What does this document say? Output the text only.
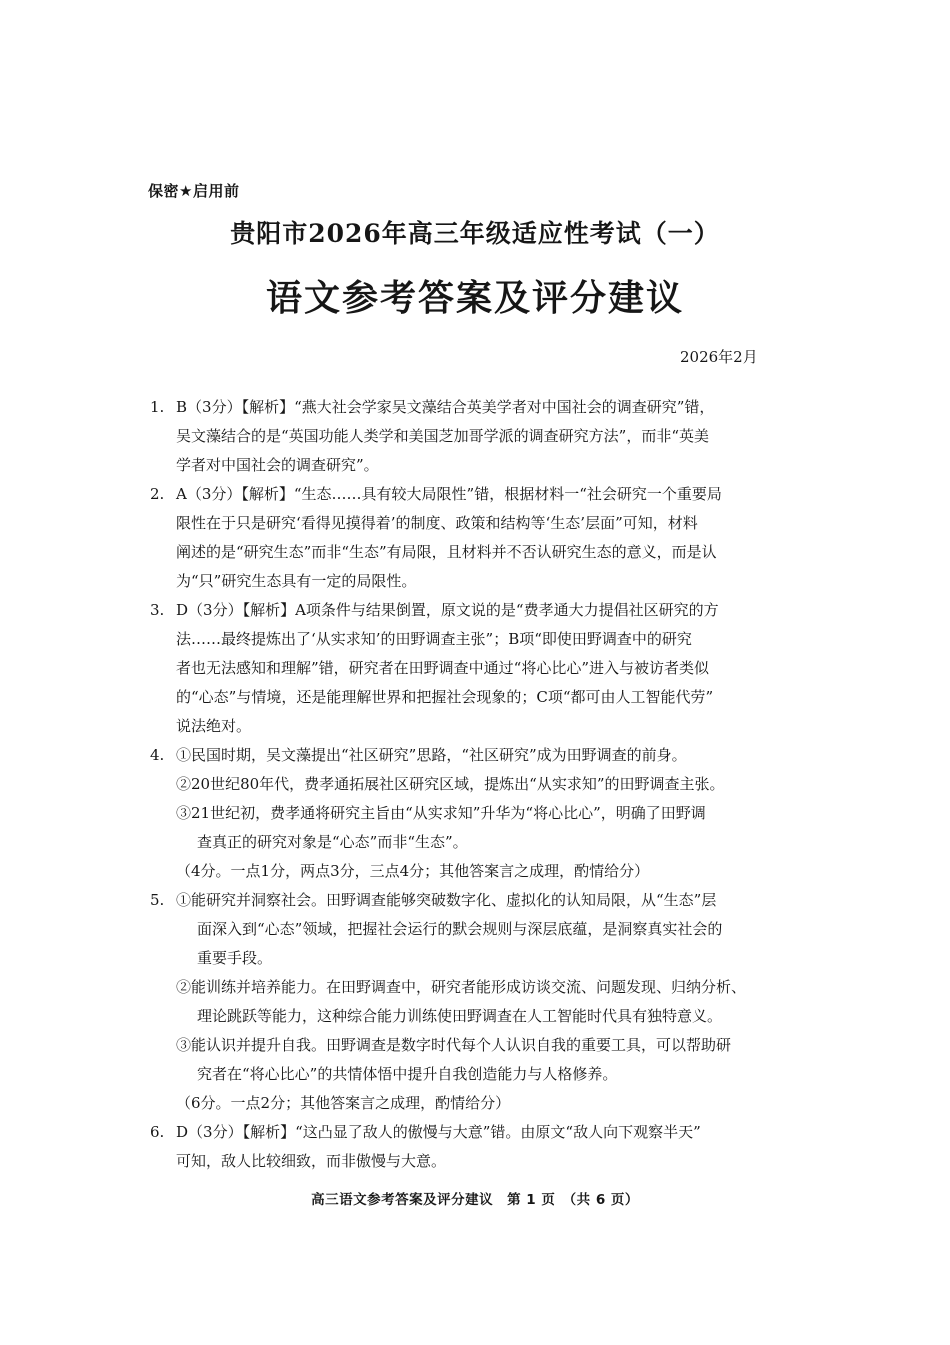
保密★启用前
贵阳市2026年高三年级适应性考试（一）
语文参考答案及评分建议
2026年2月
1. B（3分）【解析】“燕大社会学家吴文藻结合英美学者对中国社会的调查研究”错，
吴文藻结合的是“英国功能人类学和美国芝加哥学派的调查研究方法”，而非“英美
学者对中国社会的调查研究”。
2. A（3分）【解析】“生态……具有较大局限性”错，根据材料一“社会研究一个重要局
限性在于只是研究‘看得见摸得着’的制度、政策和结构等‘生态’层面”可知，材料
阐述的是“研究生态”而非“生态”有局限，且材料并不否认研究生态的意义，而是认
为“只”研究生态具有一定的局限性。
3. D（3分）【解析】A项条件与结果倒置，原文说的是“费孝通大力提倡社区研究的方
法……最终提炼出了‘从实求知’的田野调查主张”；B项“即使田野调查中的研究
者也无法感知和理解”错，研究者在田野调查中通过“将心比心”进入与被访者类似
的“心态”与情境，还是能理解世界和把握社会现象的；C项“都可由人工智能代劳”
说法绝对。
4. ①民国时期，吴文藻提出“社区研究”思路，“社区研究”成为田野调查的前身。
②20世纪80年代，费孝通拓展社区研究区域，提炼出“从实求知”的田野调查主张。
③21世纪初，费孝通将研究主旨由“从实求知”升华为“将心比心”，明确了田野调
查真正的研究对象是“心态”而非“生态”。
（4分。一点1分，两点3分，三点4分；其他答案言之成理，酌情给分）
5. ①能研究并洞察社会。田野调查能够突破数字化、虚拟化的认知局限，从“生态”层
面深入到“心态”领域，把握社会运行的默会规则与深层底蕴，是洞察真实社会的
重要手段。
②能训练并培养能力。在田野调查中，研究者能形成访谈交流、问题发现、归纳分析、
理论跳跃等能力，这种综合能力训练使田野调查在人工智能时代具有独特意义。
③能认识并提升自我。田野调查是数字时代每个人认识自我的重要工具，可以帮助研
究者在“将心比心”的共情体悟中提升自我创造能力与人格修养。
（6分。一点2分；其他答案言之成理，酌情给分）
6. D（3分）【解析】“这凸显了敌人的傲慢与大意”错。由原文“敌人向下观察半天”
可知，敌人比较细致，而非傲慢与大意。
高三语文参考答案及评分建议　第 1 页　（共 6 页）
